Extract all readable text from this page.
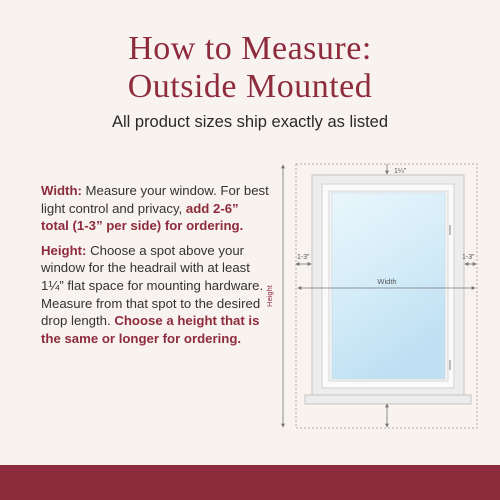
How to Measure:
Outside Mounted
All product sizes ship exactly as listed

Width: Measure your window. For best light control and privacy, add 2-6” total (1-3” per side) for ordering.

Height: Choose a spot above your window for the headrail with at least 1¼” flat space for mounting hardware. Measure from that spot to the desired drop length. Choose a height that is the same or longer for ordering.

1¼”
1-3”	1-3”
Width
Height
